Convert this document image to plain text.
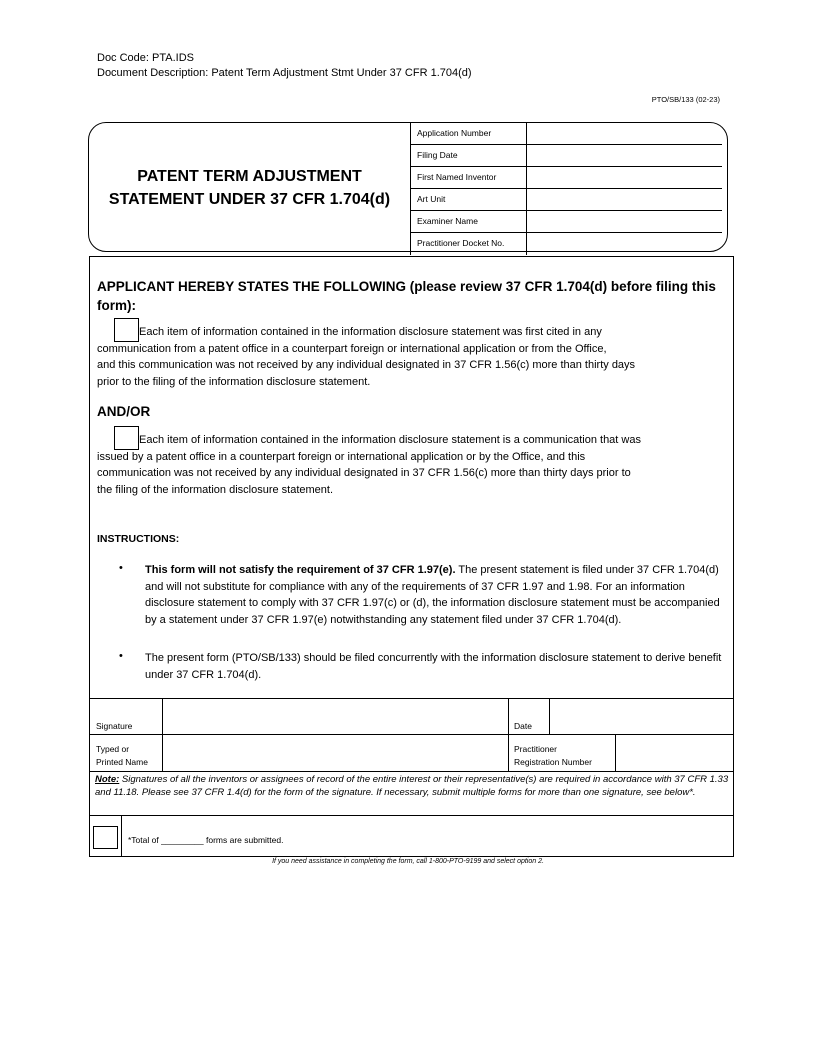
Doc Code: PTA.IDS
Document Description: Patent Term Adjustment Stmt Under 37 CFR 1.704(d)
PTO/SB/133 (02-23)
PATENT TERM ADJUSTMENT
STATEMENT UNDER 37 CFR 1.704(d)
Application Number
Filing Date
First Named Inventor
Art Unit
Examiner Name
Practitioner Docket No.
APPLICANT HEREBY STATES THE FOLLOWING (please review 37 CFR 1.704(d) before filing this form):
Each item of information contained in the information disclosure statement was first cited in any
communication from a patent office in a counterpart foreign or international application or from the Office,
and this communication was not received by any individual designated in 37 CFR 1.56(c) more than thirty days
prior to the filing of the information disclosure statement.
AND/OR
Each item of information contained in the information disclosure statement is a communication that was
issued by a patent office in a counterpart foreign or international application or by the Office, and this
communication was not received by any individual designated in 37 CFR 1.56(c) more than thirty days prior to
the filing of the information disclosure statement.
INSTRUCTIONS:
• This form will not satisfy the requirement of 37 CFR 1.97(e). The present statement is filed under 37 CFR 1.704(d) and will not substitute for compliance with any of the requirements of 37 CFR 1.97 and 1.98. For an information disclosure statement to comply with 37 CFR 1.97(c) or (d), the information disclosure statement must be accompanied by a statement under 37 CFR 1.97(e) notwithstanding any statement filed under 37 CFR 1.704(d).
• The present form (PTO/SB/133) should be filed concurrently with the information disclosure statement to derive benefit under 37 CFR 1.704(d).
Signature	Date
Typed or
Printed Name
Practitioner
Registration Number
Note: Signatures of all the inventors or assignees of record of the entire interest or their representative(s) are required in accordance with 37 CFR 1.33 and 11.18. Please see 37 CFR 1.4(d) for the form of the signature. If necessary, submit multiple forms for more than one signature, see below*.
*Total of _________ forms are submitted.
If you need assistance in completing the form, call 1-800-PTO-9199 and select option 2.
